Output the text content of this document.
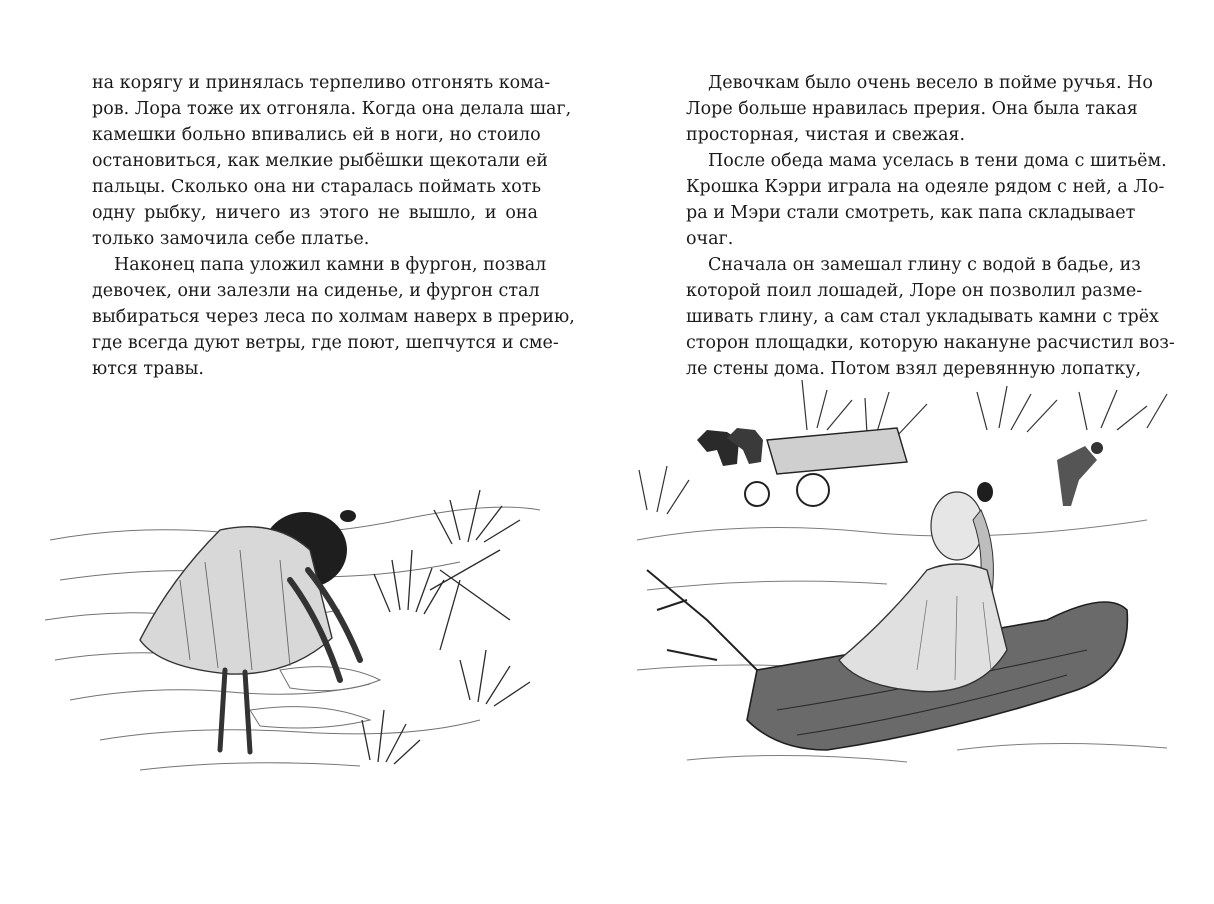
на корягу и принялась терпеливо отгонять кома-
ров. Лора тоже их отгоняла. Когда она делала шаг,
камешки больно впивались ей в ноги, но стоило
остановиться, как мелкие рыбёшки щекотали ей
пальцы. Сколько она ни старалась поймать хоть
одну рыбку, ничего из этого не вышло, и она
только замочила себе платье.
Наконец папа уложил камни в фургон, позвал
девочек, они залезли на сиденье, и фургон стал
выбираться через леса по холмам наверх в прерию,
где всегда дуют ветры, где поют, шепчутся и сме-
ются травы.
Девочкам было очень весело в пойме ручья. Но
Лоре больше нравилась прерия. Она была такая
просторная, чистая и свежая.
После обеда мама уселась в тени дома с шитьём.
Крошка Кэрри играла на одеяле рядом с ней, а Ло-
ра и Мэри стали смотреть, как папа складывает
очаг.
Сначала он замешал глину с водой в бадье, из
которой поил лошадей, Лоре он позволил разме-
шивать глину, а сам стал укладывать камни с трёх
сторон площадки, которую накануне расчистил воз-
ле стены дома. Потом взял деревянную лопатку,
